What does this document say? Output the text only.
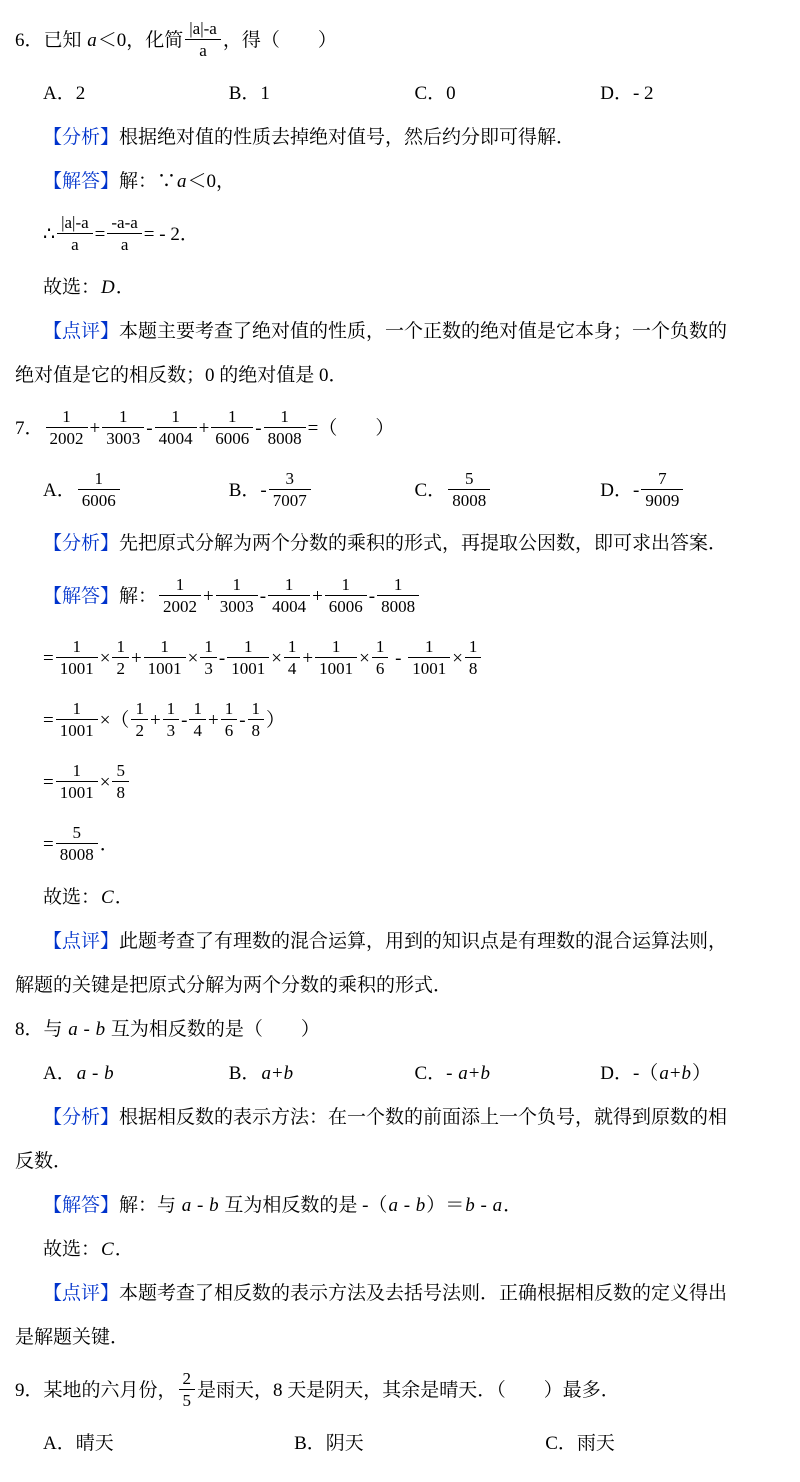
6．已知 a＜0，化简 $\frac{|a|-a}{a}$ ，得（　　）
A．2	B．1	C．0	D．- 2
【分析】根据绝对值的性质去掉绝对值号，然后约分即可得解．
【解答】解：∵a＜0，
∴ $\frac{|a|-a}{a} = \frac{-a-a}{a}$ = - 2．
故选：D．
【点评】本题主要考查了绝对值的性质，一个正数的绝对值是它本身；一个负数的
绝对值是它的相反数；0 的绝对值是 0．
7． $\frac{1}{2002} + \frac{1}{3003} - \frac{1}{4004} + \frac{1}{6006} - \frac{1}{8008}$ =（　　）
A． $\frac{1}{6006}$	B．- $\frac{3}{7007}$	C． $\frac{5}{8008}$	D．- $\frac{7}{9009}$
【分析】先把原式分解为两个分数的乘积的形式，再提取公因数，即可求出答案．
【解答】解： $\frac{1}{2002} + \frac{1}{3003} - \frac{1}{4004} + \frac{1}{6006} - \frac{1}{8008}$
= $\frac{1}{1001} \times \frac{1}{2} + \frac{1}{1001} \times \frac{1}{3} - \frac{1}{1001} \times \frac{1}{4} + \frac{1}{1001} \times \frac{1}{6} - \frac{1}{1001} \times \frac{1}{8}$
= $\frac{1}{1001}$ ×（ $\frac{1}{2} + \frac{1}{3} - \frac{1}{4} + \frac{1}{6} - \frac{1}{8}$ ）
= $\frac{1}{1001} \times \frac{5}{8}$
= $\frac{5}{8008}$ ．
故选：C．
【点评】此题考查了有理数的混合运算，用到的知识点是有理数的混合运算法则，
解题的关键是把原式分解为两个分数的乘积的形式．
8．与 a - b 互为相反数的是（　　）
A．a - b	B．a+b	C．- a+b	D．-（a+b）
【分析】根据相反数的表示方法：在一个数的前面添上一个负号，就得到原数的相
反数．
【解答】解：与 a - b 互为相反数的是 -（a - b）＝b - a．
故选：C．
【点评】本题考查了相反数的表示方法及去括号法则．正确根据相反数的定义得出
是解题关键．
9．某地的六月份， $\frac{2}{5}$ 是雨天，8 天是阴天，其余是晴天．（　　）最多．
A．晴天	B．阴天	C．雨天
